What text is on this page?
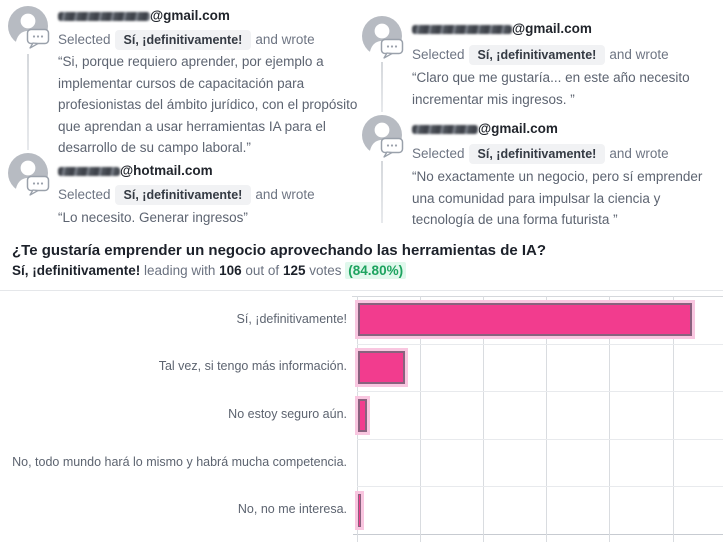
@gmail.com
Selected Sí, ¡definitivamente! and wrote
“Si, porque requiero aprender, por ejemplo a implementar cursos de capacitación para profesionistas del ámbito jurídico, con el propósito que aprendan a usar herramientas IA para el desarrollo de su campo laboral.”
@hotmail.com
Selected Sí, ¡definitivamente! and wrote
“Lo necesito. Generar ingresos”
@gmail.com
Selected Sí, ¡definitivamente! and wrote
“Claro que me gustaría... en este año necesito incrementar mis ingresos. ”
@gmail.com
Selected Sí, ¡definitivamente! and wrote
“No exactamente un negocio, pero sí emprender una comunidad para impulsar la ciencia y tecnología de una forma futurista ”
¿Te gustaría emprender un negocio aprovechando las herramientas de IA?
Sí, ¡definitivamente! leading with 106 out of 125 votes (84.80%)
Sí, ¡definitivamente!
Tal vez, si tengo más información.
No estoy seguro aún.
No, todo mundo hará lo mismo y habrá mucha competencia.
No, no me interesa.
